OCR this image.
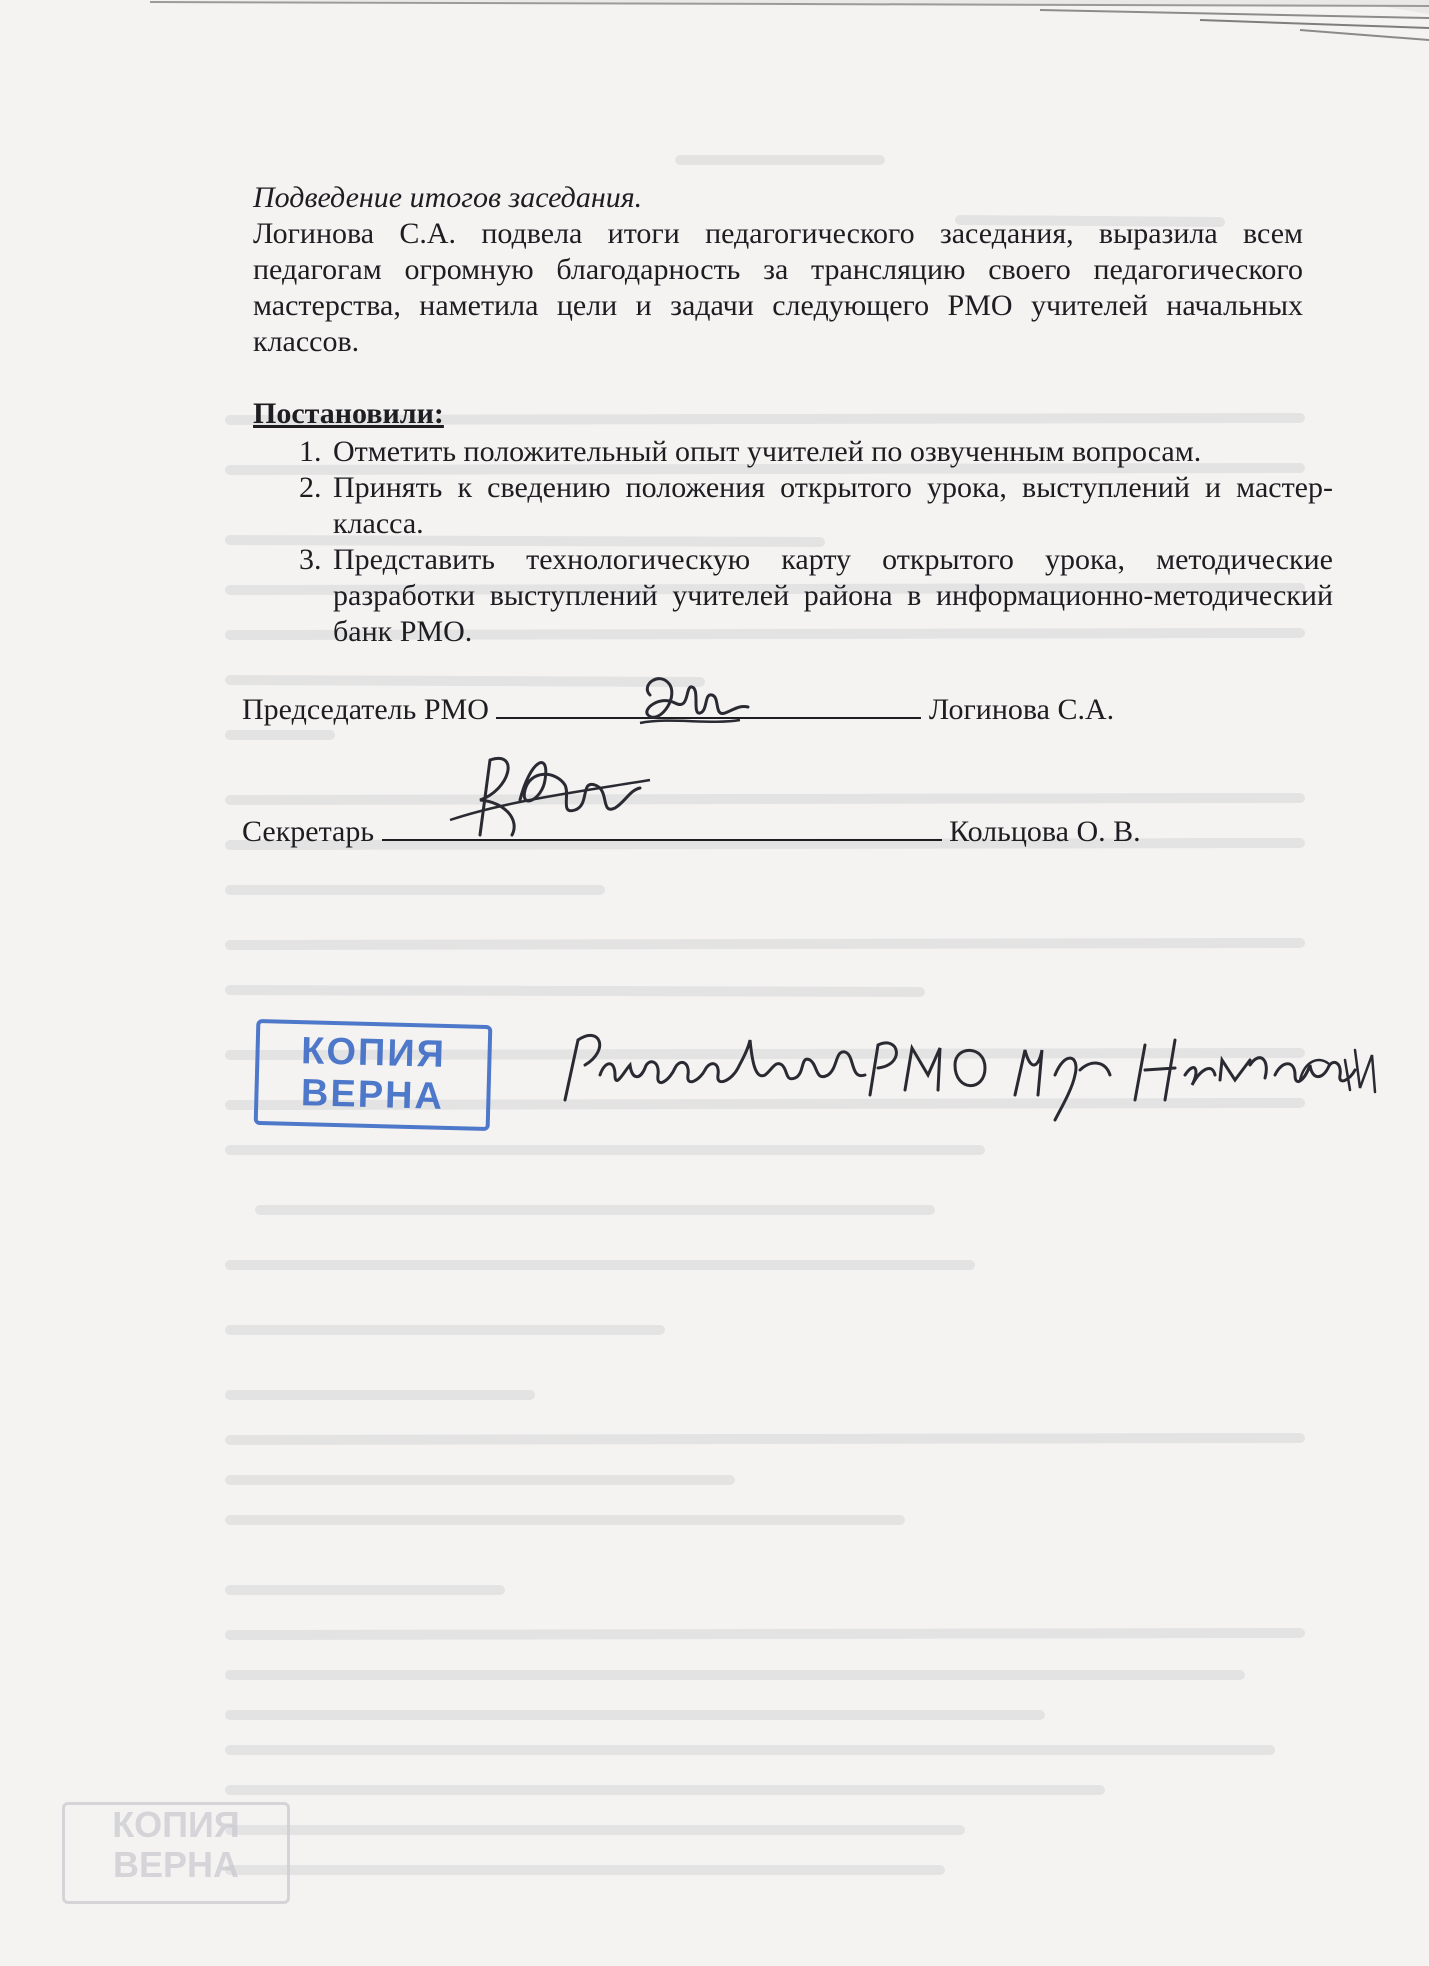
Подведение итогов заседания.
Логинова С.А. подвела итоги педагогического заседания, выразила всем педагогам огромную благодарность за трансляцию своего педагогического мастерства, наметила цели и задачи следующего РМО учителей начальных классов.
Постановили:
1. Отметить положительный опыт учителей по озвученным вопросам.
2. Принять к сведению положения открытого урока, выступлений и мастер-класса.
3. Представить технологическую карту открытого урока, методические разработки выступлений учителей района в информационно-методический банк РМО.
Председатель РМО	Логинова С.А.
Секретарь	Кольцова О. В.
КОПИЯ
ВЕРНА
КОПИЯ
ВЕРНА
